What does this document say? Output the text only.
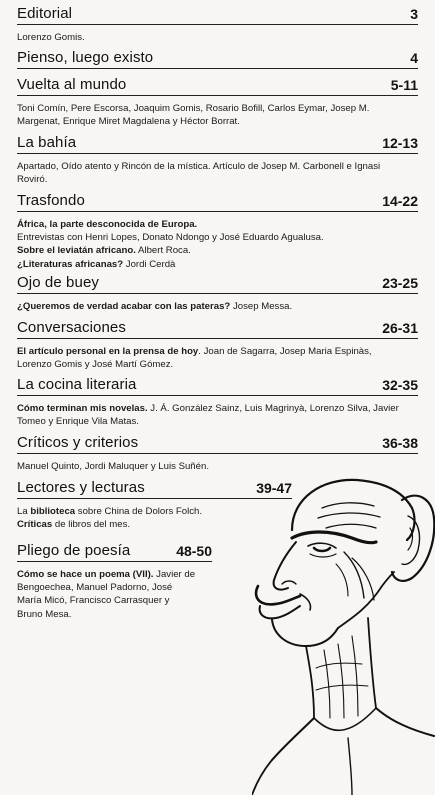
Editorial	3
Lorenzo Gomis.
Pienso, luego existo	4
Vuelta al mundo	5-11
Toni Comín, Pere Escorsa, Joaquim Gomis, Rosario Bofill, Carlos Eymar, Josep M.
Margenat, Enrique Miret Magdalena y Héctor Borrat.
La bahía	12-13
Apartado, Oído atento y Rincón de la mística. Artículo de Josep M. Carbonell e Ignasi
Roviró.
Trasfondo	14-22
África, la parte desconocida de Europa.
Entrevistas con Henri Lopes, Donato Ndongo y José Eduardo Agualusa.
Sobre el leviatán africano. Albert Roca.
¿Literaturas africanas? Jordi Cerdà
Ojo de buey	23-25
¿Queremos de verdad acabar con las pateras? Josep Messa.
Conversaciones	26-31
El artículo personal en la prensa de hoy. Joan de Sagarra, Josep Maria Espinàs,
Lorenzo Gomis y José Martí Gómez.
La cocina literaria	32-35
Cómo terminan mis novelas. J. Á. González Sainz, Luis Magrinyà, Lorenzo Silva, Javier
Tomeo y Enrique Vila Matas.
Críticos y criterios	36-38
Manuel Quinto, Jordi Maluquer y Luis Suñén.
Lectores y lecturas	39-47
La biblioteca sobre China de Dolors Folch.
Críticas de libros del mes.
Pliego de poesía	48-50
Cómo se hace un poema (VII). Javier de
Bengoechea, Manuel Padorno, José
María Micó, Francisco Carrasquer y
Bruno Mesa.
